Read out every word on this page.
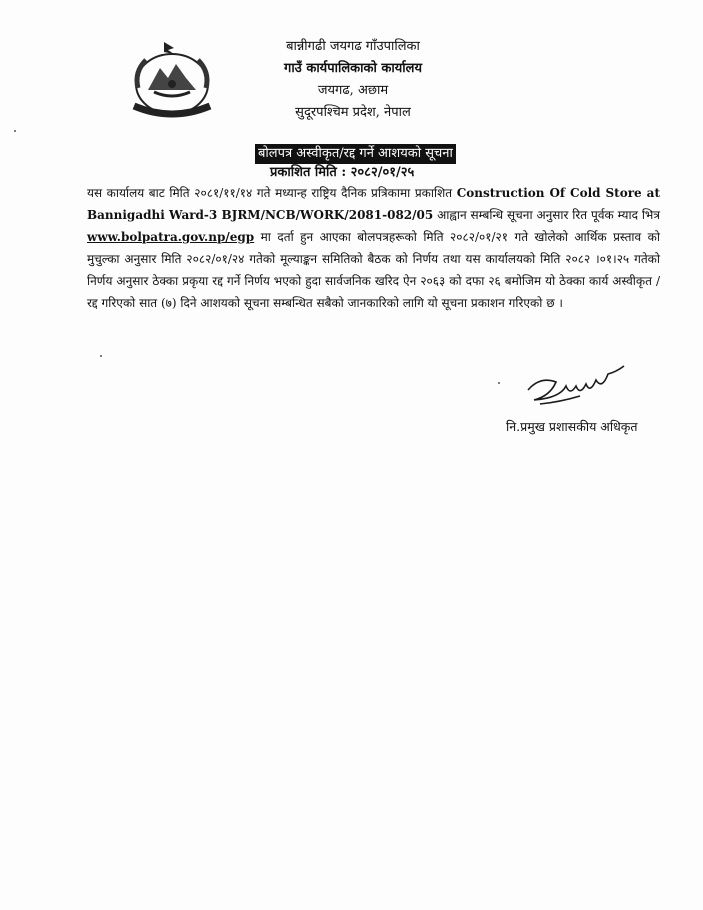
बान्नीगढी जयगढ गाँउपालिका
गाउँ कार्यपालिकाको कार्यालय
जयगढ, अछाम
सुदूरपश्चिम प्रदेश, नेपाल
बोलपत्र अस्वीकृत/रद्द गर्ने आशयको सूचना
प्रकाशित मिति : २०८२/०१/२५
यस कार्यालय बाट मिति २०८१/११/१४ गते मध्यान्ह राष्ट्रिय दैनिक प्रत्रिकामा प्रकाशित Construction Of Cold Store at Bannigadhi Ward-3 BJRM/NCB/WORK/2081-082/05 आह्वान सम्बन्धि सूचना अनुसार रित पूर्वक म्याद भित्र www.bolpatra.gov.np/egp मा दर्ता हुन आएका बोलपत्रहरूको मिति २०८२/०१/२१ गते खोलेको आर्थिक प्रस्ताव को मुचुल्का अनुसार मिति २०८२/०१/२४ गतेको मूल्याङ्कन समितिको बैठक को निर्णय तथा यस कार्यालयको मिति २०८२ ।०१।२५ गतेको निर्णय अनुसार ठेक्का प्रकृया रद्द गर्ने निर्णय भएको हुदा सार्वजनिक खरिद ऐन २०६३ को दफा २६ बमोजिम यो ठेक्का कार्य अस्वीकृत /रद्द गरिएको सात (७) दिने आशयको सूचना सम्बन्धित सबैको जानकारिको लागि यो सूचना प्रकाशन गरिएको छ ।
नि.प्रमुख प्रशासकीय अधिकृत
